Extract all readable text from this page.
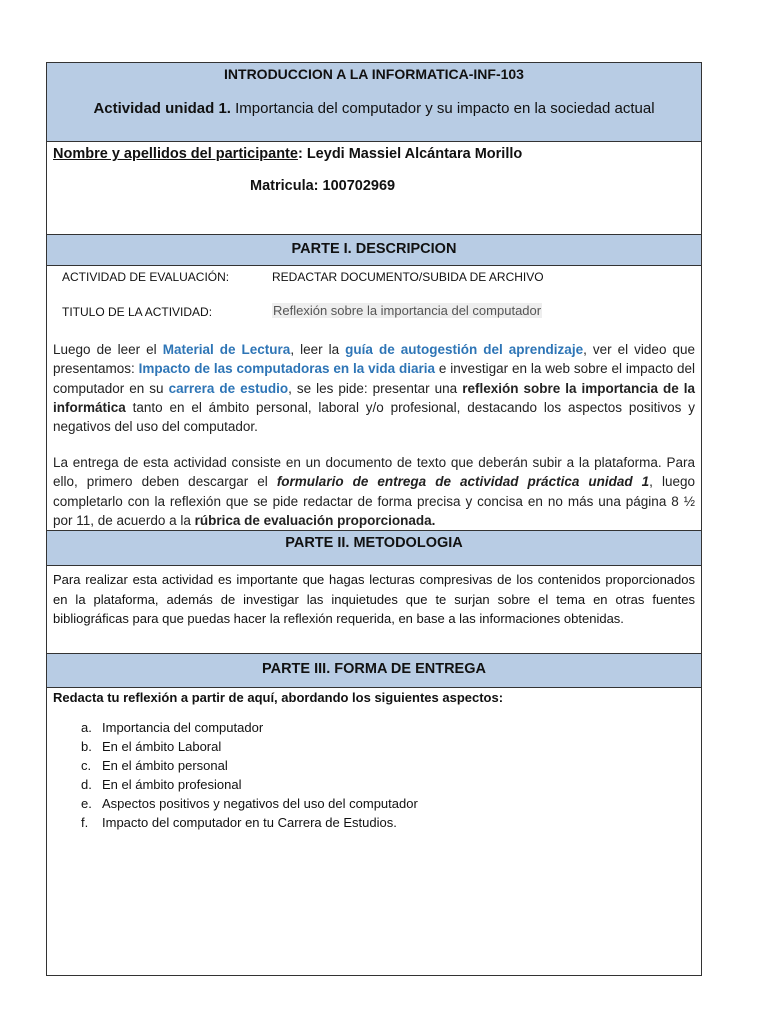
INTRODUCCION A LA INFORMATICA-INF-103
Actividad unidad 1. Importancia del computador y su impacto en la sociedad actual
Nombre y apellidos del participante: Leydi Massiel Alcántara Morillo
Matricula: 100702969
PARTE I. DESCRIPCION
ACTIVIDAD DE EVALUACIÓN:	REDACTAR DOCUMENTO/SUBIDA DE ARCHIVO
TITULO DE LA ACTIVIDAD:	Reflexión sobre la importancia del computador
Luego de leer el Material de Lectura, leer la guía de autogestión del aprendizaje, ver el video que presentamos: Impacto de las computadoras en la vida diaria e investigar en la web sobre el impacto del computador en su carrera de estudio, se les pide: presentar una reflexión sobre la importancia de la informática tanto en el ámbito personal, laboral y/o profesional, destacando los aspectos positivos y negativos del uso del computador.
La entrega de esta actividad consiste en un documento de texto que deberán subir a la plataforma. Para ello, primero deben descargar el formulario de entrega de actividad práctica unidad 1, luego completarlo con la reflexión que se pide redactar de forma precisa y concisa en no más una página 8 ½ por 11, de acuerdo a la rúbrica de evaluación proporcionada.
PARTE II. METODOLOGIA
Para realizar esta actividad es importante que hagas lecturas compresivas de los contenidos proporcionados en la plataforma, además de investigar las inquietudes que te surjan sobre el tema en otras fuentes bibliográficas para que puedas hacer la reflexión requerida, en base a las informaciones obtenidas.
PARTE III. FORMA DE ENTREGA
Redacta tu reflexión a partir de aquí, abordando los siguientes aspectos:
a. Importancia del computador
b. En el ámbito Laboral
c. En el ámbito personal
d. En el ámbito profesional
e. Aspectos positivos y negativos del uso del computador
f. Impacto del computador en tu Carrera de Estudios.
